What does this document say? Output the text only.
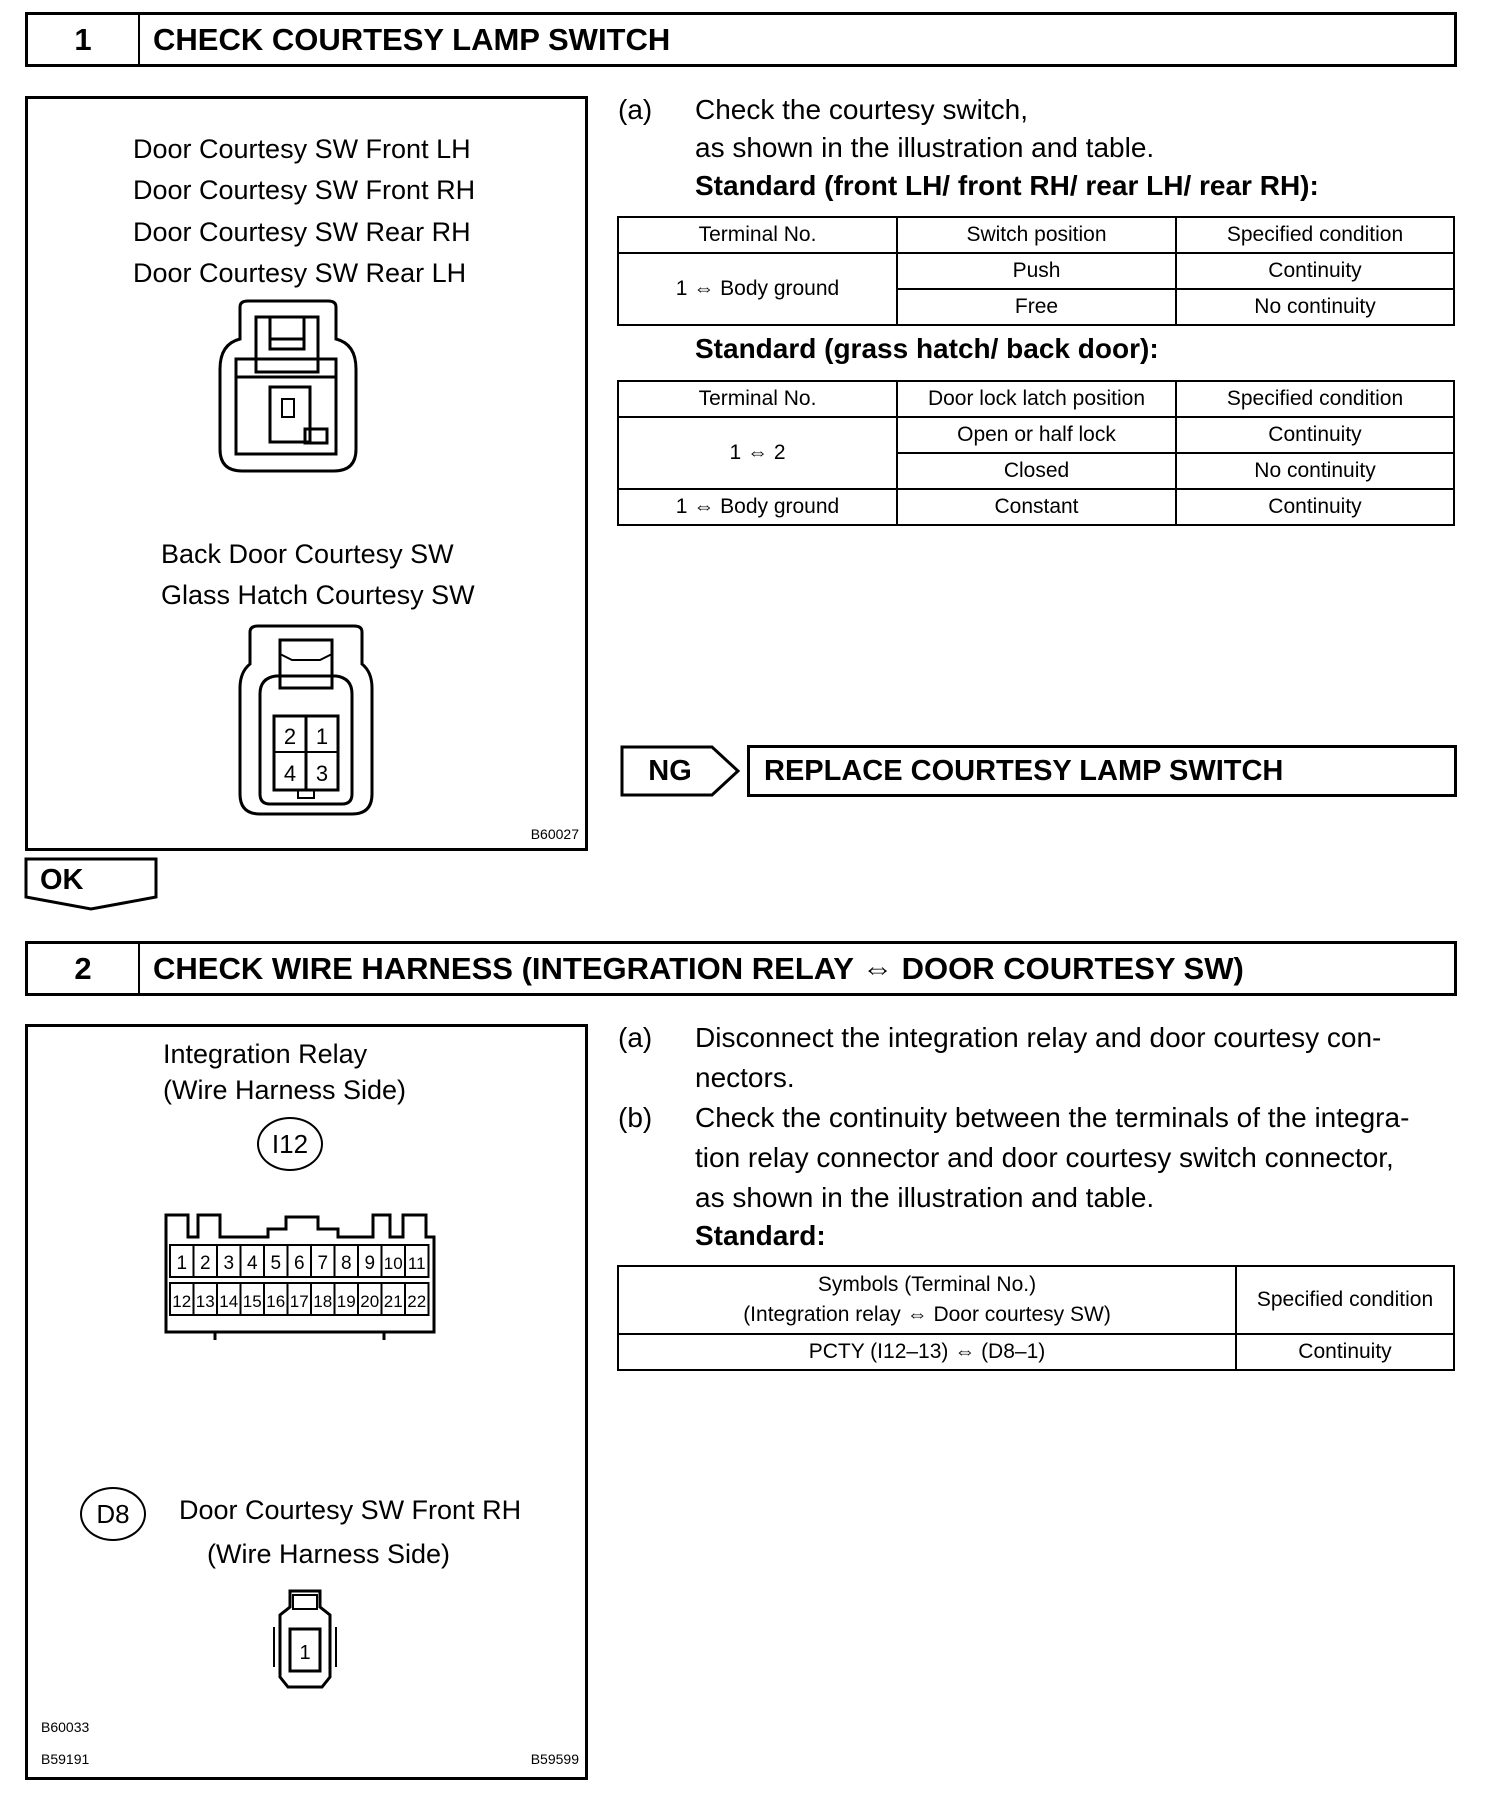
1	CHECK COURTESY LAMP SWITCH
Door Courtesy SW Front LH
Door Courtesy SW Front RH
Door Courtesy SW Rear RH
Door Courtesy SW Rear LH
Back Door Courtesy SW
Glass Hatch Courtesy SW
2 1
4 3
B60027
(a) Check the courtesy switch,
as shown in the illustration and table.
Standard (front LH/ front RH/ rear LH/ rear RH):
Terminal No.	Switch position	Specified condition
1 ⇔ Body ground	Push	Continuity
	Free	No continuity
Standard (grass hatch/ back door):
Terminal No.	Door lock latch position	Specified condition
1 ⇔ 2	Open or half lock	Continuity
	Closed	No continuity
1 ⇔ Body ground	Constant	Continuity
NG	REPLACE COURTESY LAMP SWITCH
OK
2	CHECK WIRE HARNESS (INTEGRATION RELAY ⇔ DOOR COURTESY SW)
Integration Relay
(Wire Harness Side)
I12
1 2 3 4 5 6 7 8 9 10 11
12 13 14 15 16 17 18 19 20 21 22
D8	Door Courtesy SW Front RH
(Wire Harness Side)
1
B60033
B59191	B59599
(a) Disconnect the integration relay and door courtesy con-
nectors.
(b) Check the continuity between the terminals of the integra-
tion relay connector and door courtesy switch connector,
as shown in the illustration and table.
Standard:
Symbols (Terminal No.)
(Integration relay ⇔ Door courtesy SW)	Specified condition
PCTY (I12–13) ⇔ (D8–1)	Continuity
